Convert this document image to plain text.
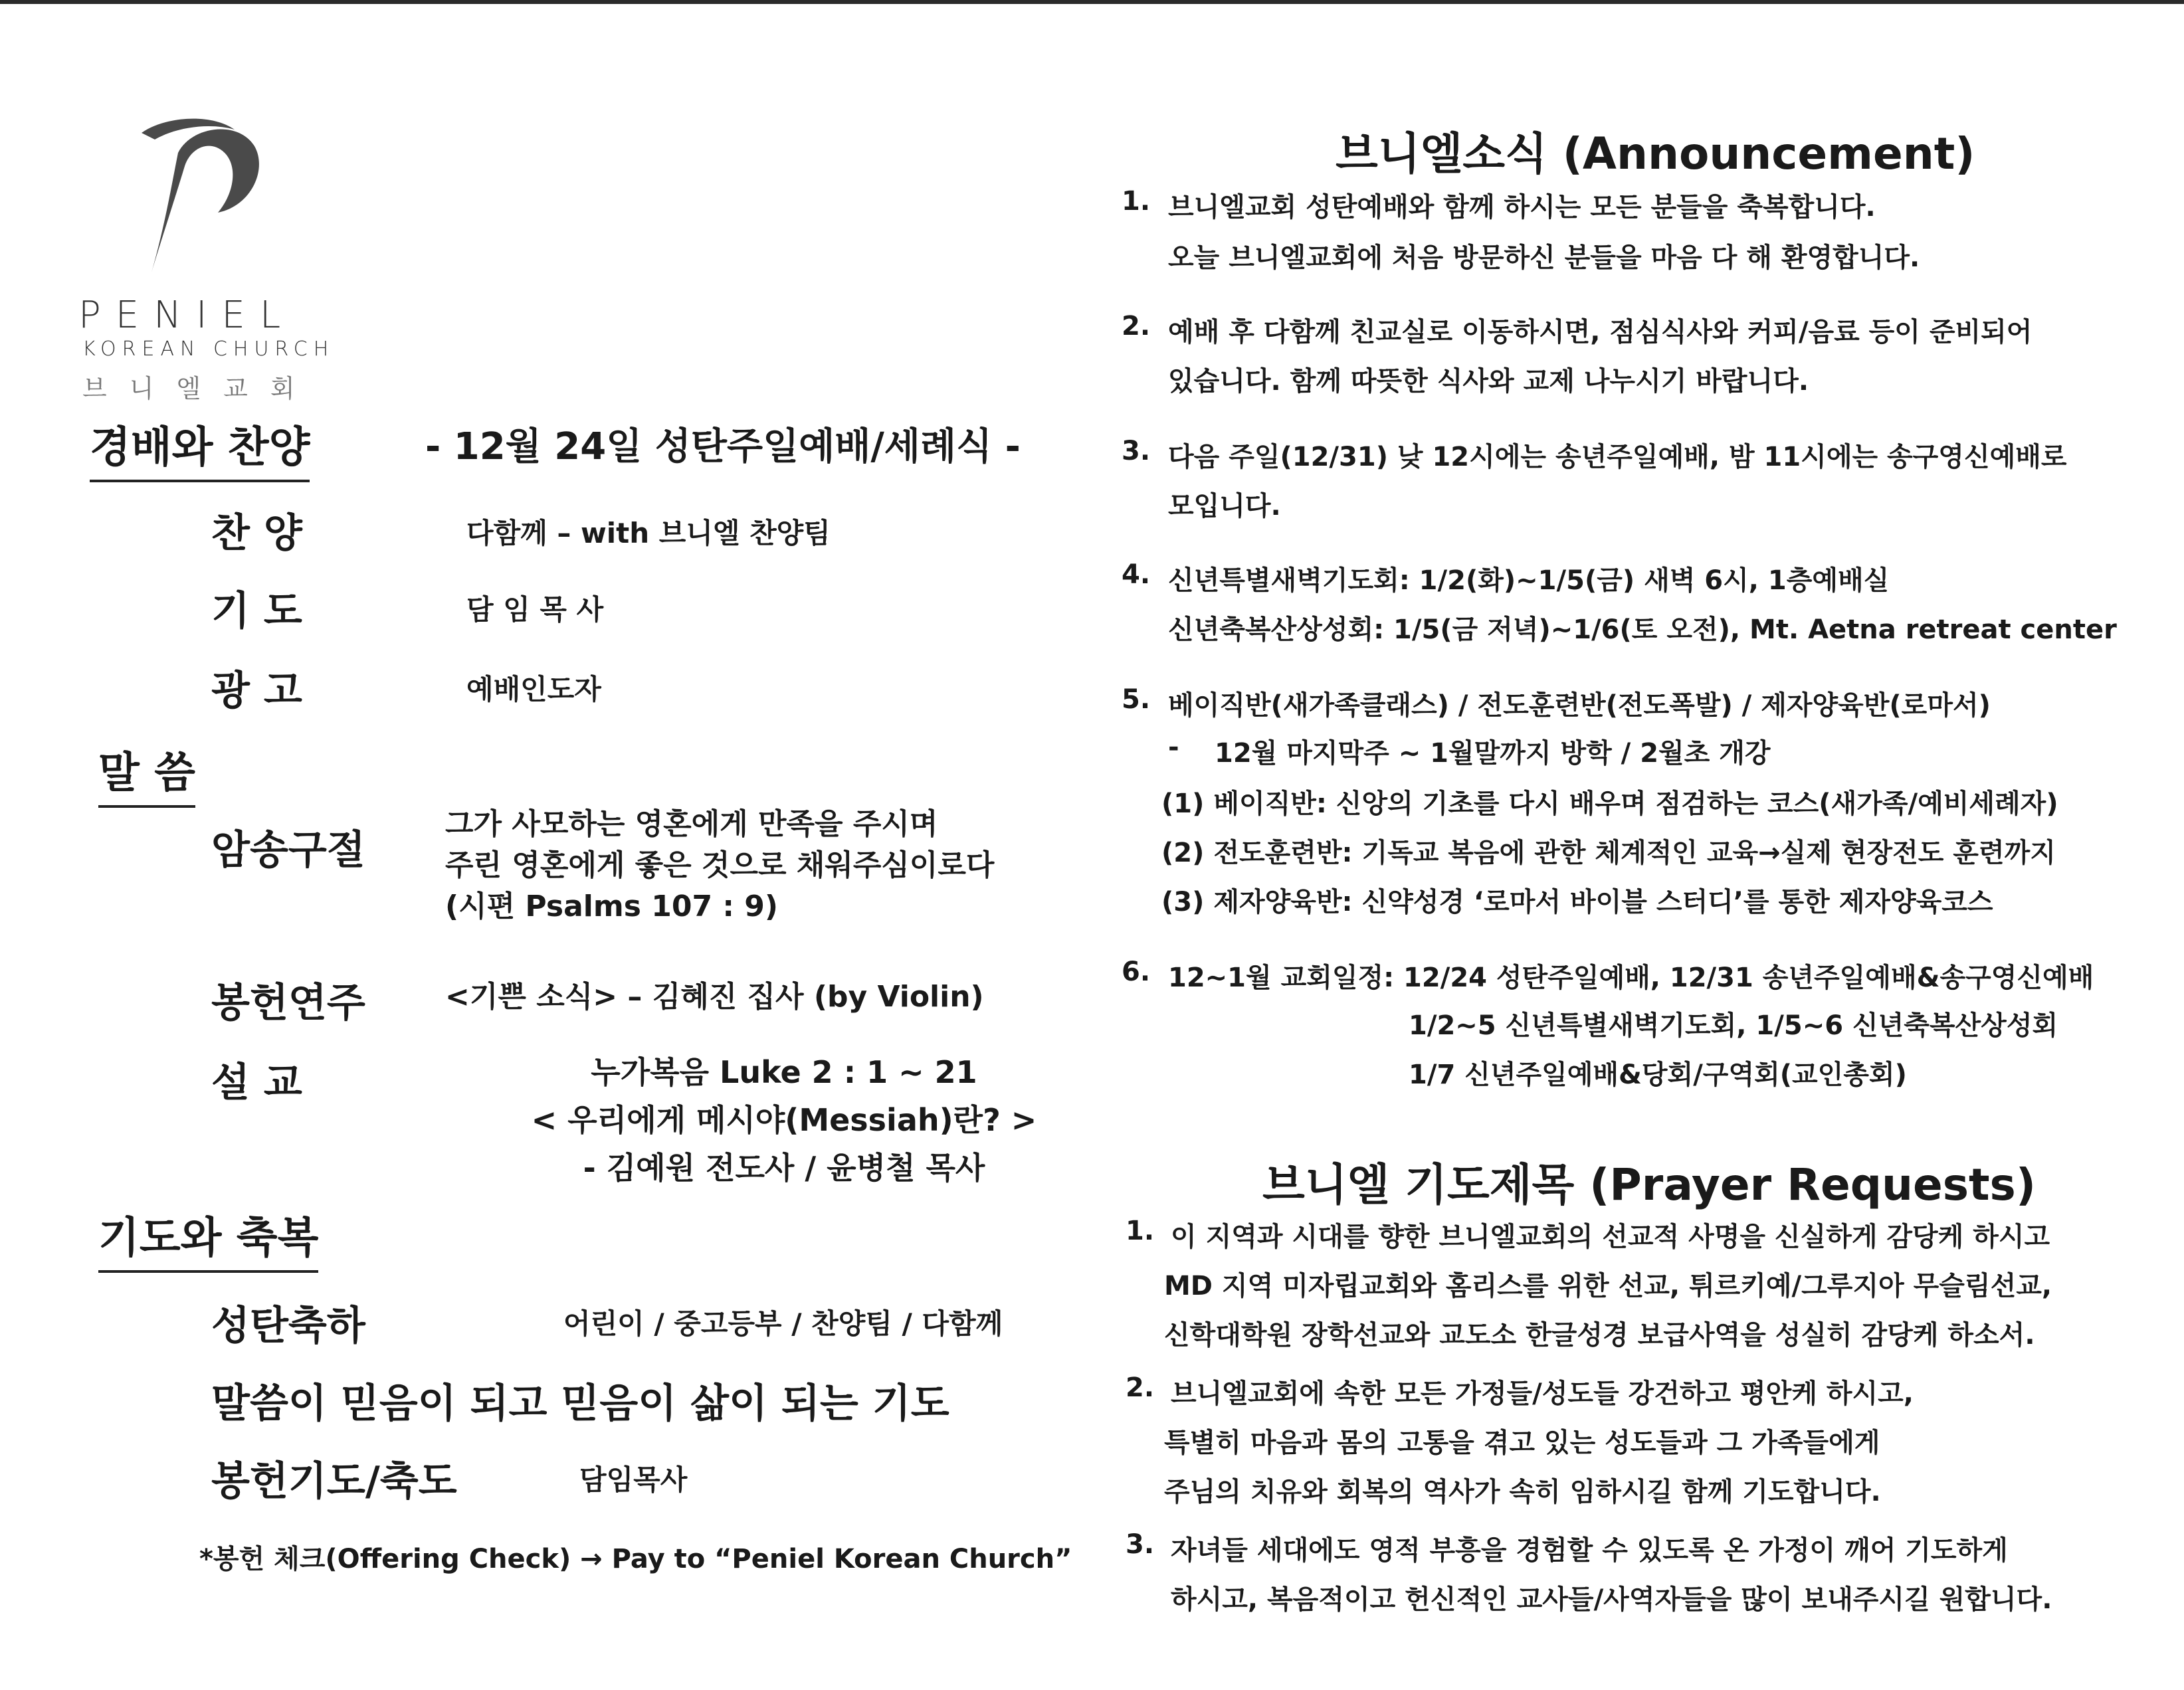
PENIEL
KOREAN CHURCH
브니엘교회
경배와 찬양	- 12월 24일 성탄주일예배/세례식 -
찬 양	다함께 – with 브니엘 찬양팀
기 도	담 임 목 사
광 고	예배인도자
말 씀
암송구절
그가 사모하는 영혼에게 만족을 주시며
주린 영혼에게 좋은 것으로 채워주심이로다
(시편 Psalms 107 : 9)
봉헌연주	<기쁜 소식> – 김혜진 집사 (by Violin)
설 교	누가복음 Luke 2 : 1 ~ 21
< 우리에게 메시야(Messiah)란? >
- 김예원 전도사 / 윤병철 목사
기도와 축복
성탄축하	어린이 / 중고등부 / 찬양팀 / 다함께
말씀이 믿음이 되고 믿음이 삶이 되는 기도
봉헌기도/축도	담임목사
*봉헌 체크(Offering Check) → Pay to “Peniel Korean Church”
브니엘소식 (Announcement)
1. 브니엘교회 성탄예배와 함께 하시는 모든 분들을 축복합니다.
오늘 브니엘교회에 처음 방문하신 분들을 마음 다 해 환영합니다.
2. 예배 후 다함께 친교실로 이동하시면, 점심식사와 커피/음료 등이 준비되어
있습니다. 함께 따뜻한 식사와 교제 나누시기 바랍니다.
3. 다음 주일(12/31) 낮 12시에는 송년주일예배, 밤 11시에는 송구영신예배로
모입니다.
4. 신년특별새벽기도회: 1/2(화)~1/5(금) 새벽 6시, 1층예배실
신년축복산상성회: 1/5(금 저녁)~1/6(토 오전), Mt. Aetna retreat center
5. 베이직반(새가족클래스) / 전도훈련반(전도폭발) / 제자양육반(로마서)
- 12월 마지막주 ~ 1월말까지 방학 / 2월초 개강
(1) 베이직반: 신앙의 기초를 다시 배우며 점검하는 코스(새가족/예비세례자)
(2) 전도훈련반: 기독교 복음에 관한 체계적인 교육→실제 현장전도 훈련까지
(3) 제자양육반: 신약성경 ‘로마서 바이블 스터디’를 통한 제자양육코스
6. 12~1월 교회일정: 12/24 성탄주일예배, 12/31 송년주일예배&송구영신예배
1/2~5 신년특별새벽기도회, 1/5~6 신년축복산상성회
1/7 신년주일예배&당회/구역회(교인총회)
브니엘 기도제목 (Prayer Requests)
1. 이 지역과 시대를 향한 브니엘교회의 선교적 사명을 신실하게 감당케 하시고
MD 지역 미자립교회와 홈리스를 위한 선교, 튀르키예/그루지아 무슬림선교,
신학대학원 장학선교와 교도소 한글성경 보급사역을 성실히 감당케 하소서.
2. 브니엘교회에 속한 모든 가정들/성도들 강건하고 평안케 하시고,
특별히 마음과 몸의 고통을 겪고 있는 성도들과 그 가족들에게
주님의 치유와 회복의 역사가 속히 임하시길 함께 기도합니다.
3. 자녀들 세대에도 영적 부흥을 경험할 수 있도록 온 가정이 깨어 기도하게
하시고, 복음적이고 헌신적인 교사들/사역자들을 많이 보내주시길 원합니다.
